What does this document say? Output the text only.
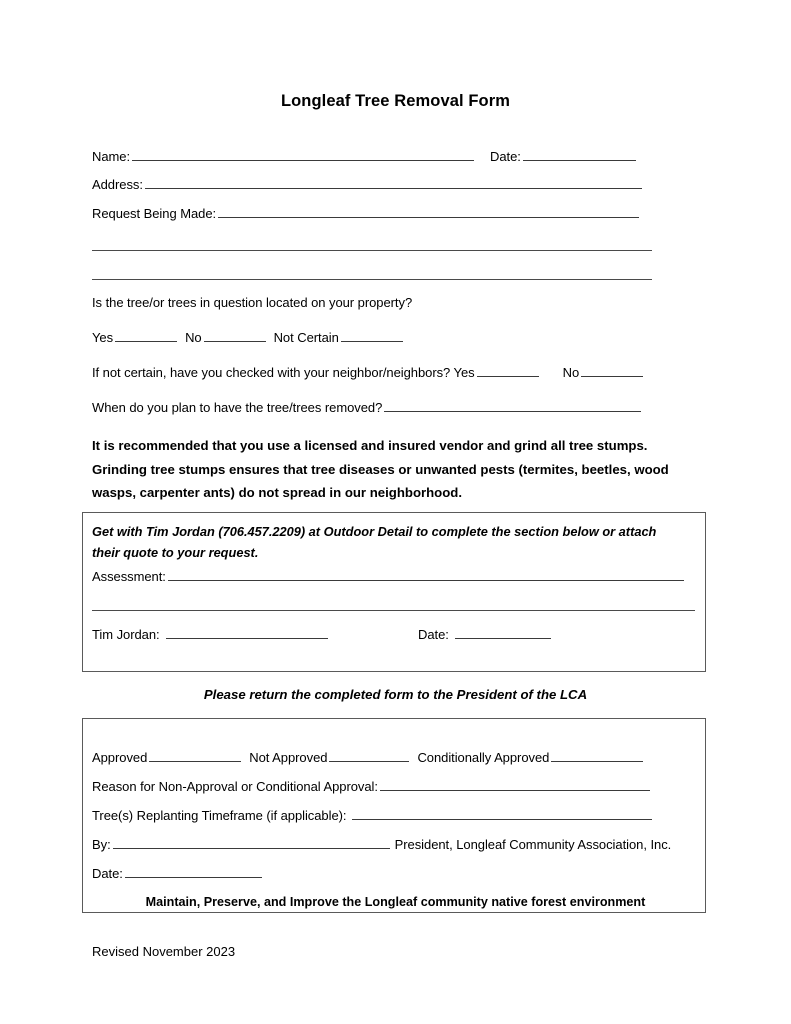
Longleaf Tree Removal Form
Name:	Date:
Address:
Request Being Made:
Is the tree/or trees in question located on your property?
Yes	No	Not Certain
If not certain, have you checked with your neighbor/neighbors? Yes	No
When do you plan to have the tree/trees removed?
It is recommended that you use a licensed and insured vendor and grind all tree stumps. Grinding tree stumps ensures that tree diseases or unwanted pests (termites, beetles, wood wasps, carpenter ants) do not spread in our neighborhood.
Get with Tim Jordan (706.457.2209) at Outdoor Detail to complete the section below or attach their quote to your request.
Assessment:
Tim Jordan:	Date:
Please return the completed form to the President of the LCA
Approved	Not Approved	Conditionally Approved
Reason for Non-Approval or Conditional Approval:
Tree(s) Replanting Timeframe (if applicable):
By:	President, Longleaf Community Association, Inc.
Date:
Maintain, Preserve, and Improve the Longleaf community native forest environment
Revised November 2023
